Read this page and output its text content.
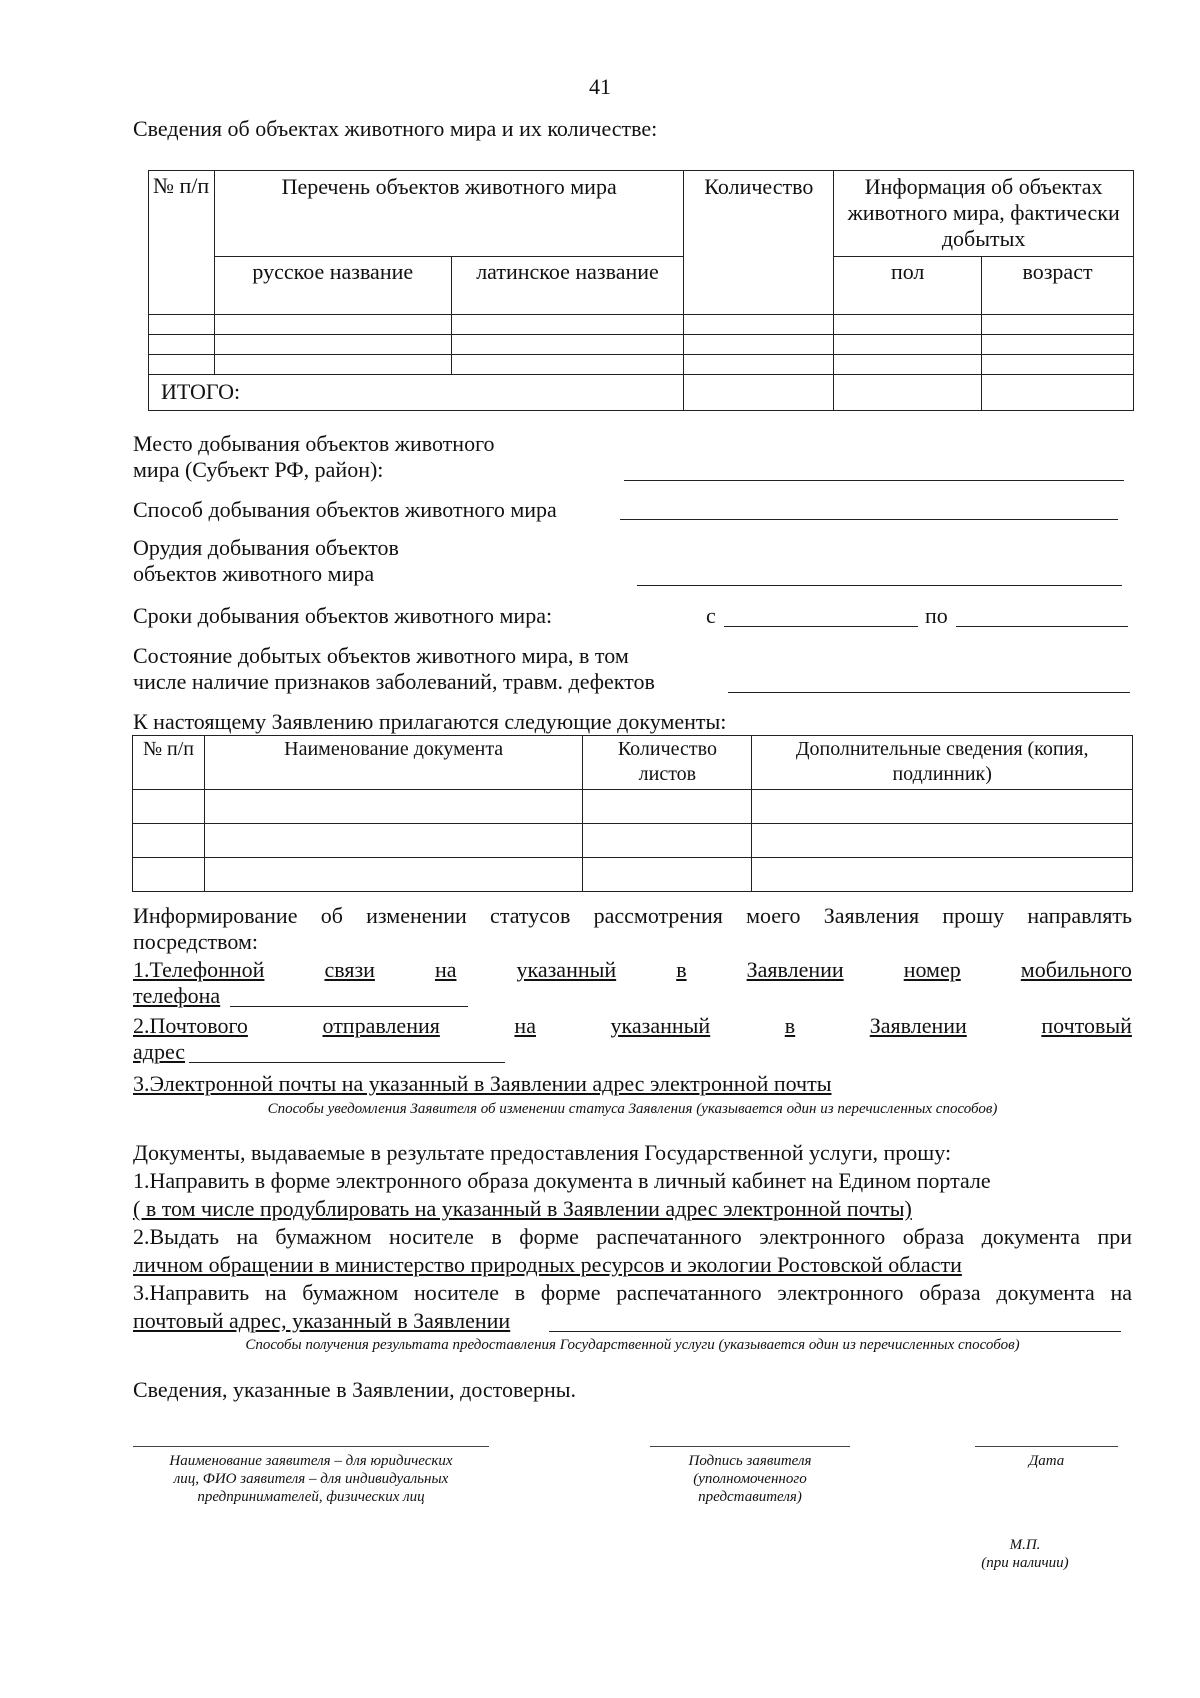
41
Сведения об объектах животного мира и их количестве:
№ п/п	Перечень объектов животного мира		Количество	Информация об объектах животного мира, фактически добытых	
	русское название	латинское название		пол	возраст

ИТОГО:					
Место добывания объектов животного
мира (Субъект РФ, район):
Способ добывания объектов животного мира
Орудия добывания объектов
объектов животного мира
Сроки добывания объектов животного мира:	с	по
Состояние добытых объектов животного мира, в том
числе наличие признаков заболеваний, травм. дефектов
К настоящему Заявлению прилагаются следующие документы:
№ п/п	Наименование документа	Количество листов	Дополнительные сведения (копия, подлинник)

Информирование об изменении статусов рассмотрения моего Заявления прошу направлять
посредством:
1.Телефонной	связи	на	указанный	в	Заявлении	номер	мобильного
телефона
2.Почтового	отправления	на	указанный	в	Заявлении	почтовый
адрес
3.Электронной почты на указанный в Заявлении адрес электронной почты
Способы уведомления Заявителя об изменении статуса Заявления (указывается один из перечисленных способов)
Документы, выдаваемые в результате предоставления Государственной услуги, прошу:
1.Направить в форме электронного образа документа в личный кабинет на Едином портале
( в том числе продублировать на указанный в Заявлении адрес электронной почты)
2.Выдать на бумажном носителе в форме распечатанного электронного образа документа при
личном обращении в министерство природных ресурсов и экологии Ростовской области
3.Направить на бумажном носителе в форме распечатанного электронного образа документа на
почтовый адрес, указанный в Заявлении
Способы получения результата предоставления Государственной услуги (указывается один из перечисленных способов)
Сведения, указанные в Заявлении, достоверны.
Наименование заявителя – для юридических
лиц, ФИО заявителя – для индивидуальных
предпринимателей, физических лиц
Подпись заявителя
(уполномоченного
представителя)
Дата
М.П.
(при наличии)
